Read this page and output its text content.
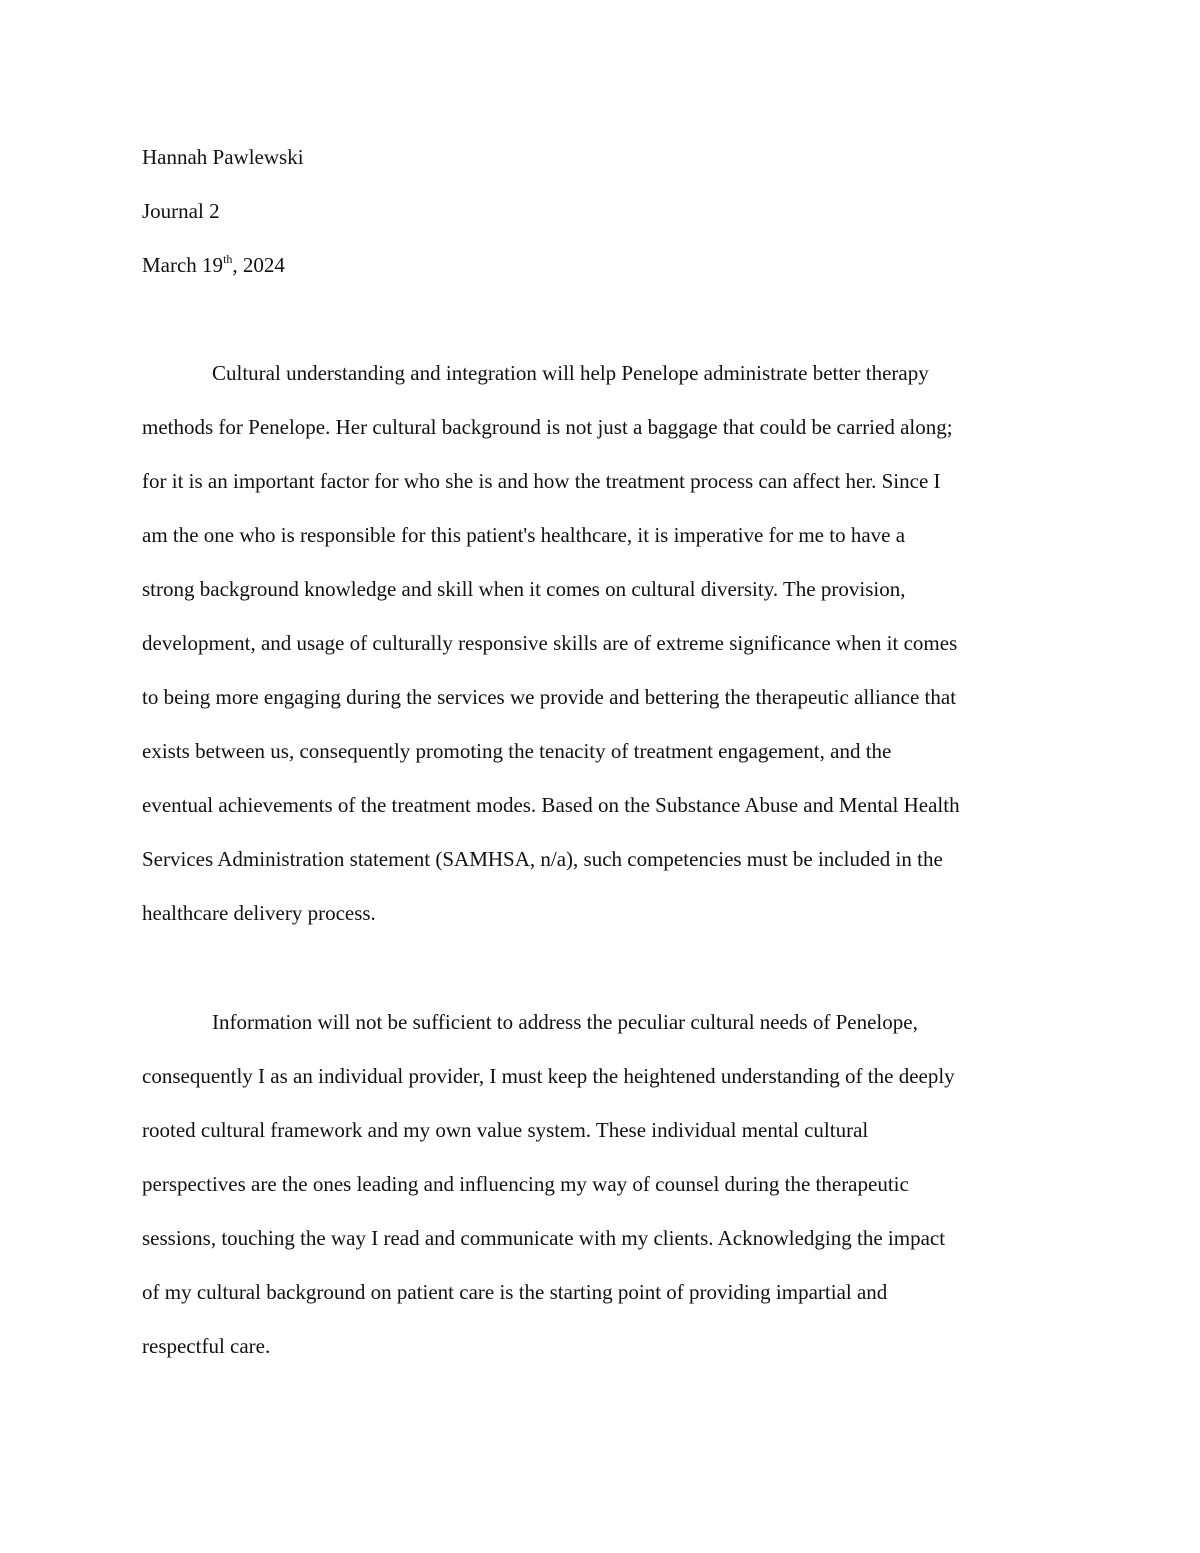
Hannah Pawlewski
Journal 2
March 19th, 2024
Cultural understanding and integration will help Penelope administrate better therapy
methods for Penelope. Her cultural background is not just a baggage that could be carried along;
for it is an important factor for who she is and how the treatment process can affect her. Since I
am the one who is responsible for this patient's healthcare, it is imperative for me to have a
strong background knowledge and skill when it comes on cultural diversity. The provision,
development, and usage of culturally responsive skills are of extreme significance when it comes
to being more engaging during the services we provide and bettering the therapeutic alliance that
exists between us, consequently promoting the tenacity of treatment engagement, and the
eventual achievements of the treatment modes. Based on the Substance Abuse and Mental Health
Services Administration statement (SAMHSA, n/a), such competencies must be included in the
healthcare delivery process.
Information will not be sufficient to address the peculiar cultural needs of Penelope,
consequently I as an individual provider, I must keep the heightened understanding of the deeply
rooted cultural framework and my own value system. These individual mental cultural
perspectives are the ones leading and influencing my way of counsel during the therapeutic
sessions, touching the way I read and communicate with my clients. Acknowledging the impact
of my cultural background on patient care is the starting point of providing impartial and
respectful care.
